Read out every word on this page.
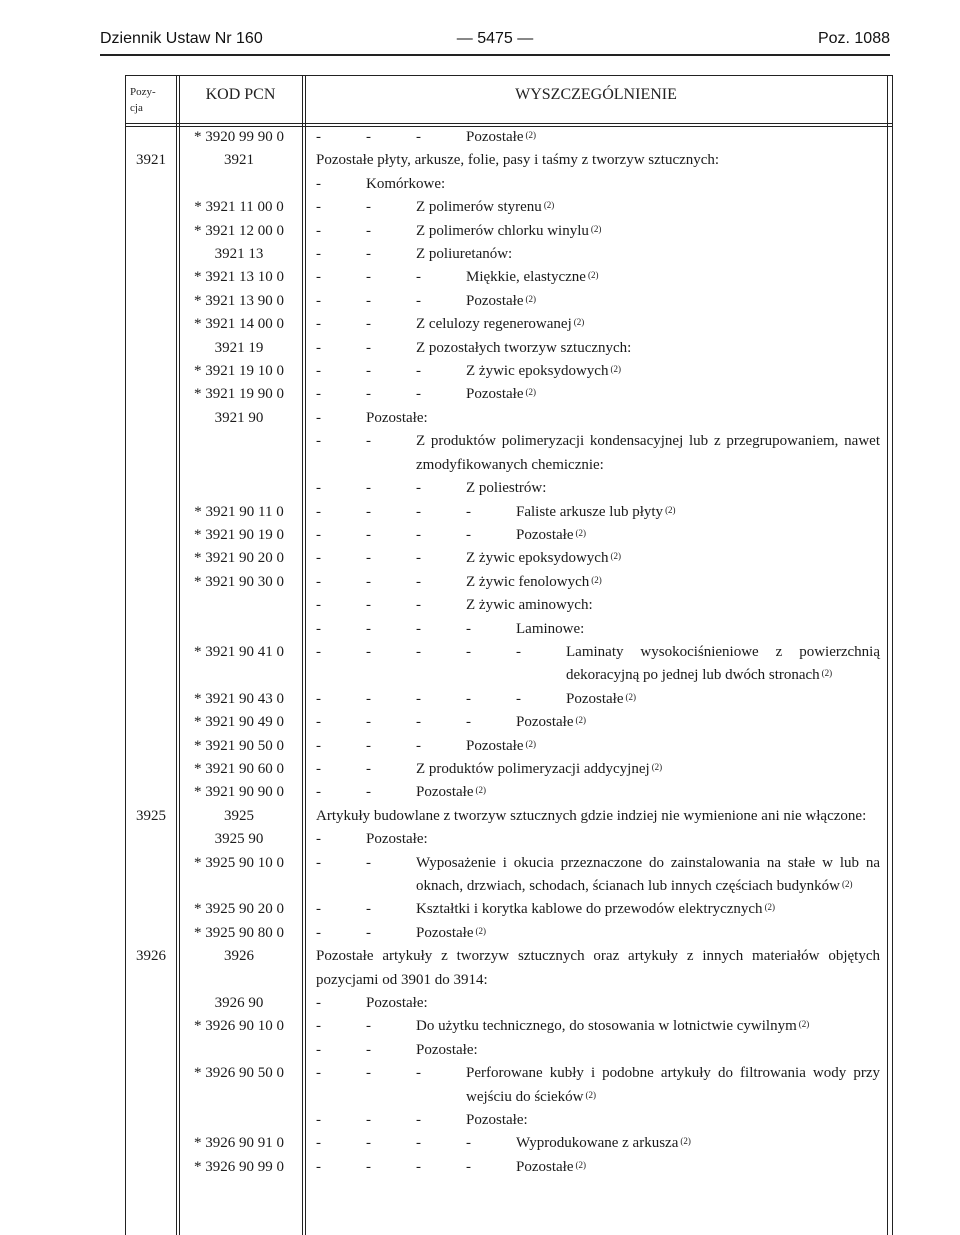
Dziennik Ustaw Nr 160	— 5475 —	Poz. 1088
Pozy-
cja
KOD PCN	WYSZCZEGÓLNIENIE
* 3920 99 90 0	-	-	-	Pozostałe $^{(2)}$
3921	3921	Pozostałe płyty, arkusze, folie, pasy i taśmy z tworzyw sztucznych:
-	Komórkowe:
* 3921 11 00 0	-	-	Z polimerów styrenu $^{(2)}$
* 3921 12 00 0	-	-	Z polimerów chlorku winylu $^{(2)}$
3921 13	-	-	Z poliuretanów:
* 3921 13 10 0	-	-	-	Miękkie, elastyczne $^{(2)}$
* 3921 13 90 0	-	-	-	Pozostałe $^{(2)}$
* 3921 14 00 0	-	-	Z celulozy regenerowanej $^{(2)}$
3921 19	-	-	Z pozostałych tworzyw sztucznych:
* 3921 19 10 0	-	-	-	Z żywic epoksydowych $^{(2)}$
* 3921 19 90 0	-	-	-	Pozostałe $^{(2)}$
3921 90	-	Pozostałe:
-	-	Z produktów polimeryzacji kondensacyjnej lub z przegrupowaniem, nawet zmodyfikowanych chemicznie:
-	-	-	Z poliestrów:
* 3921 90 11 0	-	-	-	-	Faliste arkusze lub płyty $^{(2)}$
* 3921 90 19 0	-	-	-	-	Pozostałe $^{(2)}$
* 3921 90 20 0	-	-	-	Z żywic epoksydowych $^{(2)}$
* 3921 90 30 0	-	-	-	Z żywic fenolowych $^{(2)}$
-	-	-	Z żywic aminowych:
-	-	-	-	Laminowe:
* 3921 90 41 0	-	-	-	-	-	Laminaty wysokociśnieniowe z powierzchnią dekoracyjną po jednej lub dwóch stronach $^{(2)}$
* 3921 90 43 0	-	-	-	-	-	Pozostałe $^{(2)}$
* 3921 90 49 0	-	-	-	-	Pozostałe $^{(2)}$
* 3921 90 50 0	-	-	-	Pozostałe $^{(2)}$
* 3921 90 60 0	-	-	Z produktów polimeryzacji addycyjnej $^{(2)}$
* 3921 90 90 0	-	-	Pozostałe $^{(2)}$
3925	3925	Artykuły budowlane z tworzyw sztucznych gdzie indziej nie wymienione ani nie włączone:
3925 90	-	Pozostałe:
* 3925 90 10 0	-	-	Wyposażenie i okucia przeznaczone do zainstalowania na stałe w lub na oknach, drzwiach, schodach, ścianach lub innych częściach budynków $^{(2)}$
* 3925 90 20 0	-	-	Kształtki i korytka kablowe do przewodów elektrycznych $^{(2)}$
* 3925 90 80 0	-	-	Pozostałe $^{(2)}$
3926	3926	Pozostałe artykuły z tworzyw sztucznych oraz artykuły z innych materiałów objętych pozycjami od 3901 do 3914:
3926 90	-	Pozostałe:
* 3926 90 10 0	-	-	Do użytku technicznego, do stosowania w lotnictwie cywilnym $^{(2)}$
-	-	Pozostałe:
* 3926 90 50 0	-	-	-	Perforowane kubły i podobne artykuły do filtrowania wody przy wejściu do ścieków $^{(2)}$
-	-	-	Pozostałe:
* 3926 90 91 0	-	-	-	-	Wyprodukowane z arkusza $^{(2)}$
* 3926 90 99 0	-	-	-	-	Pozostałe $^{(2)}$
